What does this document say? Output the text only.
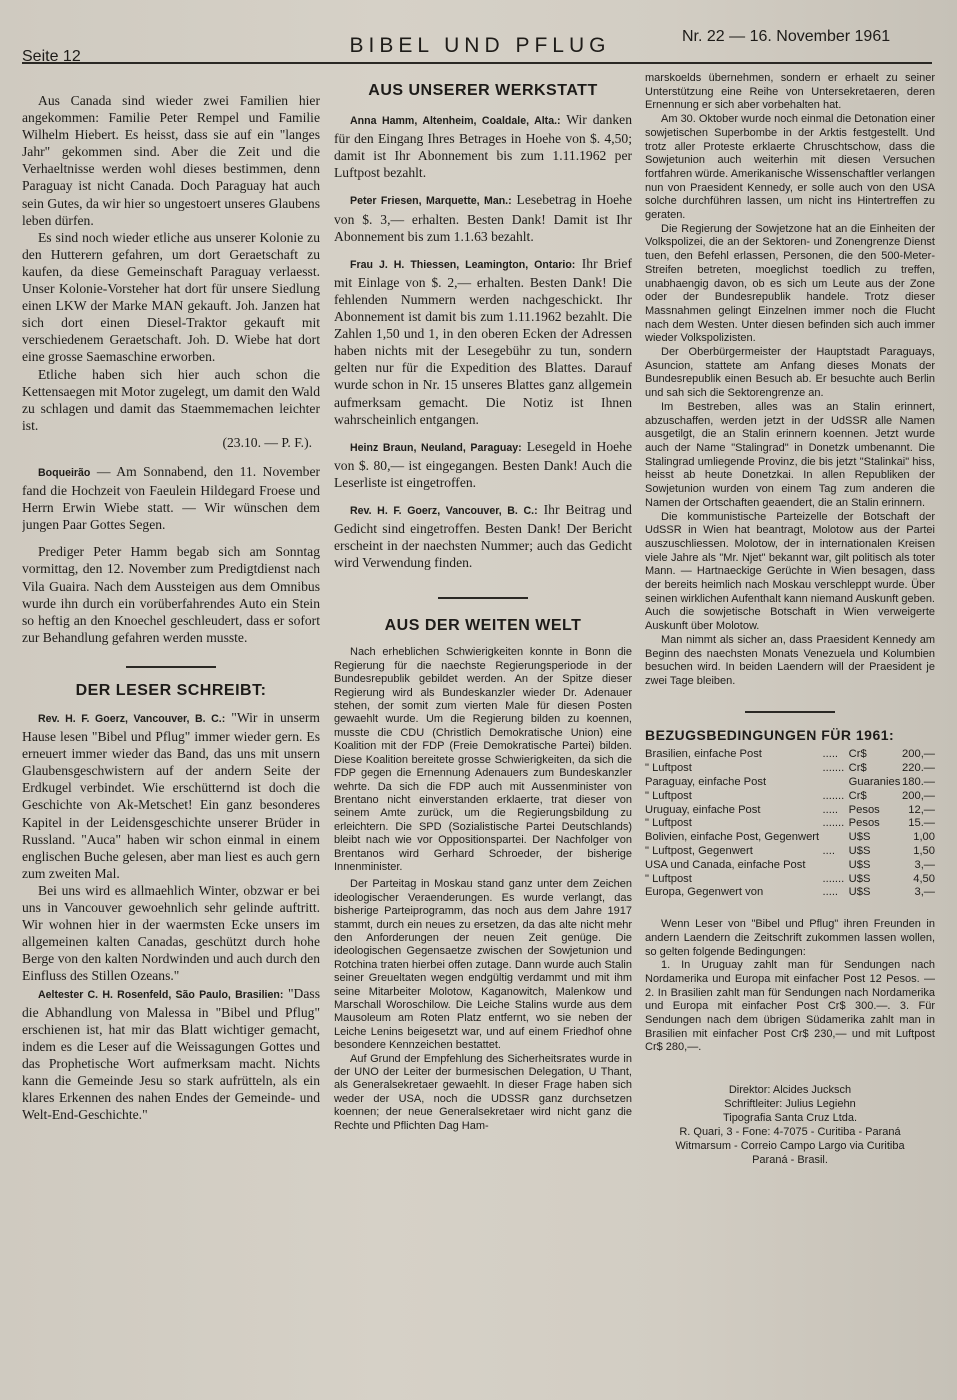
Seite 12	BIBEL UND PFLUG	Nr. 22 — 16. November 1961

Aus Canada sind wieder zwei Familien hier angekommen: Familie Peter Rempel und Familie Wilhelm Hiebert. Es heisst, dass sie auf ein "langes Jahr" gekommen sind. Aber die Zeit und die Verhaeltnisse werden wohl dieses bestimmen, denn Paraguay ist nicht Canada. Doch Paraguay hat auch sein Gutes, da wir hier so ungestoert unseres Glaubens leben dürfen.

Es sind noch wieder etliche aus unserer Kolonie zu den Hutterern gefahren, um dort Geraetschaft zu kaufen, da diese Gemeinschaft Paraguay verlaesst. Unser Kolonie-Vorsteher hat dort für unsere Siedlung einen LKW der Marke MAN gekauft. Joh. Janzen hat sich dort einen Diesel-Traktor gekauft mit verschiedenem Geraetschaft. Joh. D. Wiebe hat dort eine grosse Saemaschine erworben.

Etliche haben sich hier auch schon die Kettensaegen mit Motor zugelegt, um damit den Wald zu schlagen und damit das Staemmemachen leichter ist.

(23.10. — P. F.).

Boqueirão — Am Sonnabend, den 11. November fand die Hochzeit von Faeulein Hildegard Froese und Herrn Erwin Wiebe statt. — Wir wünschen dem jungen Paar Gottes Segen.

Prediger Peter Hamm begab sich am Sonntag vormittag, den 12. November zum Predigtdienst nach Vila Guaira. Nach dem Aussteigen aus dem Omnibus wurde ihn durch ein vorüberfahrendes Auto ein Stein so heftig an den Knoechel geschleudert, dass er sofort zur Behandlung gefahren werden musste.

DER LESER SCHREIBT:

Rev. H. F. Goerz, Vancouver, B. C.: "Wir in unserm Hause lesen "Bibel und Pflug" immer wieder gern. Es erneuert immer wieder das Band, das uns mit unsern Glaubensgeschwistern auf der andern Seite der Erdkugel verbindet. Wie erschütternd ist doch die Geschichte von Ak-Metschet! Ein ganz besonderes Kapitel in der Leidensgeschichte unserer Brüder in Russland. "Auca" haben wir schon einmal in einem englischen Buche gelesen, aber man liest es auch gern zum zweiten Mal.

Bei uns wird es allmaehlich Winter, obzwar er bei uns in Vancouver gewoehnlich sehr gelinde auftritt. Wir wohnen hier in der waermsten Ecke unsers im allgemeinen kalten Canadas, geschützt durch hohe Berge von den kalten Nordwinden und auch durch den Einfluss des Stillen Ozeans."

Aeltester C. H. Rosenfeld, São Paulo, Brasilien: "Dass die Abhandlung von Malessa in "Bibel und Pflug" erschienen ist, hat mir das Blatt wichtiger gemacht, indem es die Leser auf die Weissagungen Gottes und das Prophetische Wort aufmerksam macht. Nichts kann die Gemeinde Jesu so stark aufrütteln, als ein klares Erkennen des nahen Endes der Gemeinde- und Welt-End-Geschichte."

AUS UNSERER WERKSTATT

Anna Hamm, Altenheim, Coaldale, Alta.: Wir danken für den Eingang Ihres Betrages in Hoehe von $. 4,50; damit ist Ihr Abonnement bis zum 1.11.1962 per Luftpost bezahlt.

Peter Friesen, Marquette, Man.: Lesebetrag in Hoehe von $. 3,— erhalten. Besten Dank! Damit ist Ihr Abonnement bis zum 1.1.63 bezahlt.

Frau J. H. Thiessen, Leamington, Ontario: Ihr Brief mit Einlage von $. 2,— erhalten. Besten Dank! Die fehlenden Nummern werden nachgeschickt. Ihr Abonnement ist damit bis zum 1.11.1962 bezahlt. Die Zahlen 1,50 und 1, in den oberen Ecken der Adressen haben nichts mit der Lesegebühr zu tun, sondern gelten nur für die Expedition des Blattes. Darauf wurde schon in Nr. 15 unseres Blattes ganz allgemein aufmerksam gemacht. Die Notiz ist Ihnen wahrscheinlich entgangen.

Heinz Braun, Neuland, Paraguay: Lesegeld in Hoehe von $. 80,— ist eingegangen. Besten Dank! Auch die Leserliste ist eingetroffen.

Rev. H. F. Goerz, Vancouver, B. C.: Ihr Beitrag und Gedicht sind eingetroffen. Besten Dank! Der Bericht erscheint in der naechsten Nummer; auch das Gedicht wird Verwendung finden.

AUS DER WEITEN WELT

Nach erheblichen Schwierigkeiten konnte in Bonn die Regierung für die naechste Regierungsperiode in der Bundesrepublik gebildet werden. An der Spitze dieser Regierung wird als Bundeskanzler wieder Dr. Adenauer stehen, der somit zum vierten Male für diesen Posten gewaehlt wurde. Um die Regierung bilden zu koennen, musste die CDU (Christlich Demokratische Union) eine Koalition mit der FDP (Freie Demokratische Partei) bilden. Diese Koalition bereitete grosse Schwierigkeiten, da sich die FDP gegen die Ernennung Adenauers zum Bundeskanzler wehrte. Da sich die FDP auch mit Aussenminister von Brentano nicht einverstanden erklaerte, trat dieser von seinem Amte zurück, um die Regierungsbildung zu erleichtern. Die SPD (Sozialistische Partei Deutschlands) bleibt nach wie vor Oppositionspartei. Der Nachfolger von Brentanos wird Gerhard Schroeder, der bisherige Innenminister.

Der Parteitag in Moskau stand ganz unter dem Zeichen ideologischer Veraenderungen. Es wurde verlangt, das bisherige Parteiprogramm, das noch aus dem Jahre 1917 stammt, durch ein neues zu ersetzen, da das alte nicht mehr den Anforderungen der neuen Zeit genüge. Die ideologischen Gegensaetze zwischen der Sowjetunion und Rotchina traten hierbei offen zutage. Dann wurde auch Stalin seiner Greueltaten wegen endgültig verdammt und mit ihm seine Mitarbeiter Molotow, Kaganowitch, Malenkow und Marschall Woroschilow. Die Leiche Stalins wurde aus dem Mausoleum am Roten Platz entfernt, wo sie neben der Leiche Lenins beigesetzt war, und auf einem Friedhof ohne besondere Kennzeichen bestattet.

Auf Grund der Empfehlung des Sicherheitsrates wurde in der UNO der Leiter der burmesischen Delegation, U Thant, als Generalsekretaer gewaehlt. In dieser Frage haben sich weder der USA, noch die UDSSR ganz durchsetzen koennen; der neue Generalsekretaer wird nicht ganz die Rechte und Pflichten Dag Ham-

marskoelds übernehmen, sondern er erhaelt zu seiner Unterstützung eine Reihe von Untersekretaeren, deren Ernennung er sich aber vorbehalten hat.

Am 30. Oktober wurde noch einmal die Detonation einer sowjetischen Superbombe in der Arktis festgestellt. Und trotz aller Proteste erklaerte Chruschtschow, dass die Sowjetunion auch weiterhin mit diesen Versuchen fortfahren würde. Amerikanische Wissenschaftler verlangen nun von Praesident Kennedy, er solle auch von den USA solche durchführen lassen, um nicht ins Hintertreffen zu geraten.

Die Regierung der Sowjetzone hat an die Einheiten der Volkspolizei, die an der Sektoren- und Zonengrenze Dienst tuen, den Befehl erlassen, Personen, die den 500-Meter-Streifen betreten, moeglichst toedlich zu treffen, unabhaengig davon, ob es sich um Leute aus der Zone oder der Bundesrepublik handele. Trotz dieser Massnahmen gelingt Einzelnen immer noch die Flucht nach dem Westen. Unter diesen befinden sich auch immer wieder Volkspolizisten.

Der Oberbürgermeister der Hauptstadt Paraguays, Asuncion, stattete am Anfang dieses Monats der Bundesrepublik einen Besuch ab. Er besuchte auch Berlin und sah sich die Sektorengrenze an.

Im Bestreben, alles was an Stalin erinnert, abzuschaffen, werden jetzt in der UdSSR alle Namen ausgetilgt, die an Stalin erinnern koennen. Jetzt wurde auch der Name "Stalingrad" in Donetzk umbenannt. Die Stalingrad umliegende Provinz, die bis jetzt "Stalinkai" hiss, heisst ab heute Donetzkai. In allen Republiken der Sowjetunion wurden von einem Tag zum anderen die Namen der Ortschaften geaendert, die an Stalin erinnern.

Die kommunistische Parteizelle der Botschaft der UdSSR in Wien hat beantragt, Molotow aus der Partei auszuschliessen. Molotow, der in internationalen Kreisen viele Jahre als "Mr. Njet" bekannt war, gilt politisch als toter Mann. — Hartnaeckige Gerüchte in Wien besagen, dass der bereits heimlich nach Moskau verschleppt wurde. Über seinen wirklichen Aufenthalt kann niemand Auskunft geben. Auch die sowjetische Botschaft in Wien verweigerte Auskunft über Molotow.

Man nimmt als sicher an, dass Praesident Kennedy am Beginn des naechsten Monats Venezuela und Kolumbien besuchen wird. In beiden Laendern will der Praesident je zwei Tage bleiben.

BEZUGSBEDINGUNGEN FÜR 1961:
Brasilien, einfache Post	.....	Cr$	200,—
" Luftpost	.......	Cr$	220.—
Paraguay, einfache Post		Guaranies	180.—
" Luftpost	.......	Cr$	200,—
Uruguay, einfache Post	.....	Pesos	12,—
" Luftpost	.......	Pesos	15.—
Bolivien, einfache Post, Gegenwert		U$S	1,00
" Luftpost, Gegenwert	....	U$S	1,50
USA und Canada, einfache Post		U$S	3,—
" Luftpost	.......	U$S	4,50
Europa, Gegenwert von	.....	U$S	3,—

Wenn Leser von "Bibel und Pflug" ihren Freunden in andern Laendern die Zeitschrift zukommen lassen wollen, so gelten folgende Bedingungen:

1. In Uruguay zahlt man für Sendungen nach Nordamerika und Europa mit einfacher Post 12 Pesos. — 2. In Brasilien zahlt man für Sendungen nach Nordamerika und Europa mit einfacher Post Cr$ 300.—. 3. Für Sendungen nach dem übrigen Südamerika zahlt man in Brasilien mit einfacher Post Cr$ 230,— und mit Luftpost Cr$ 280,—.

Direktor: Alcides Jucksch
Schriftleiter: Julius Legiehn
Tipografia Santa Cruz Ltda.
R. Quari, 3 - Fone: 4-7075 - Curitiba - Paraná
Witmarsum - Correio Campo Largo via Curitiba
Paraná - Brasil.
